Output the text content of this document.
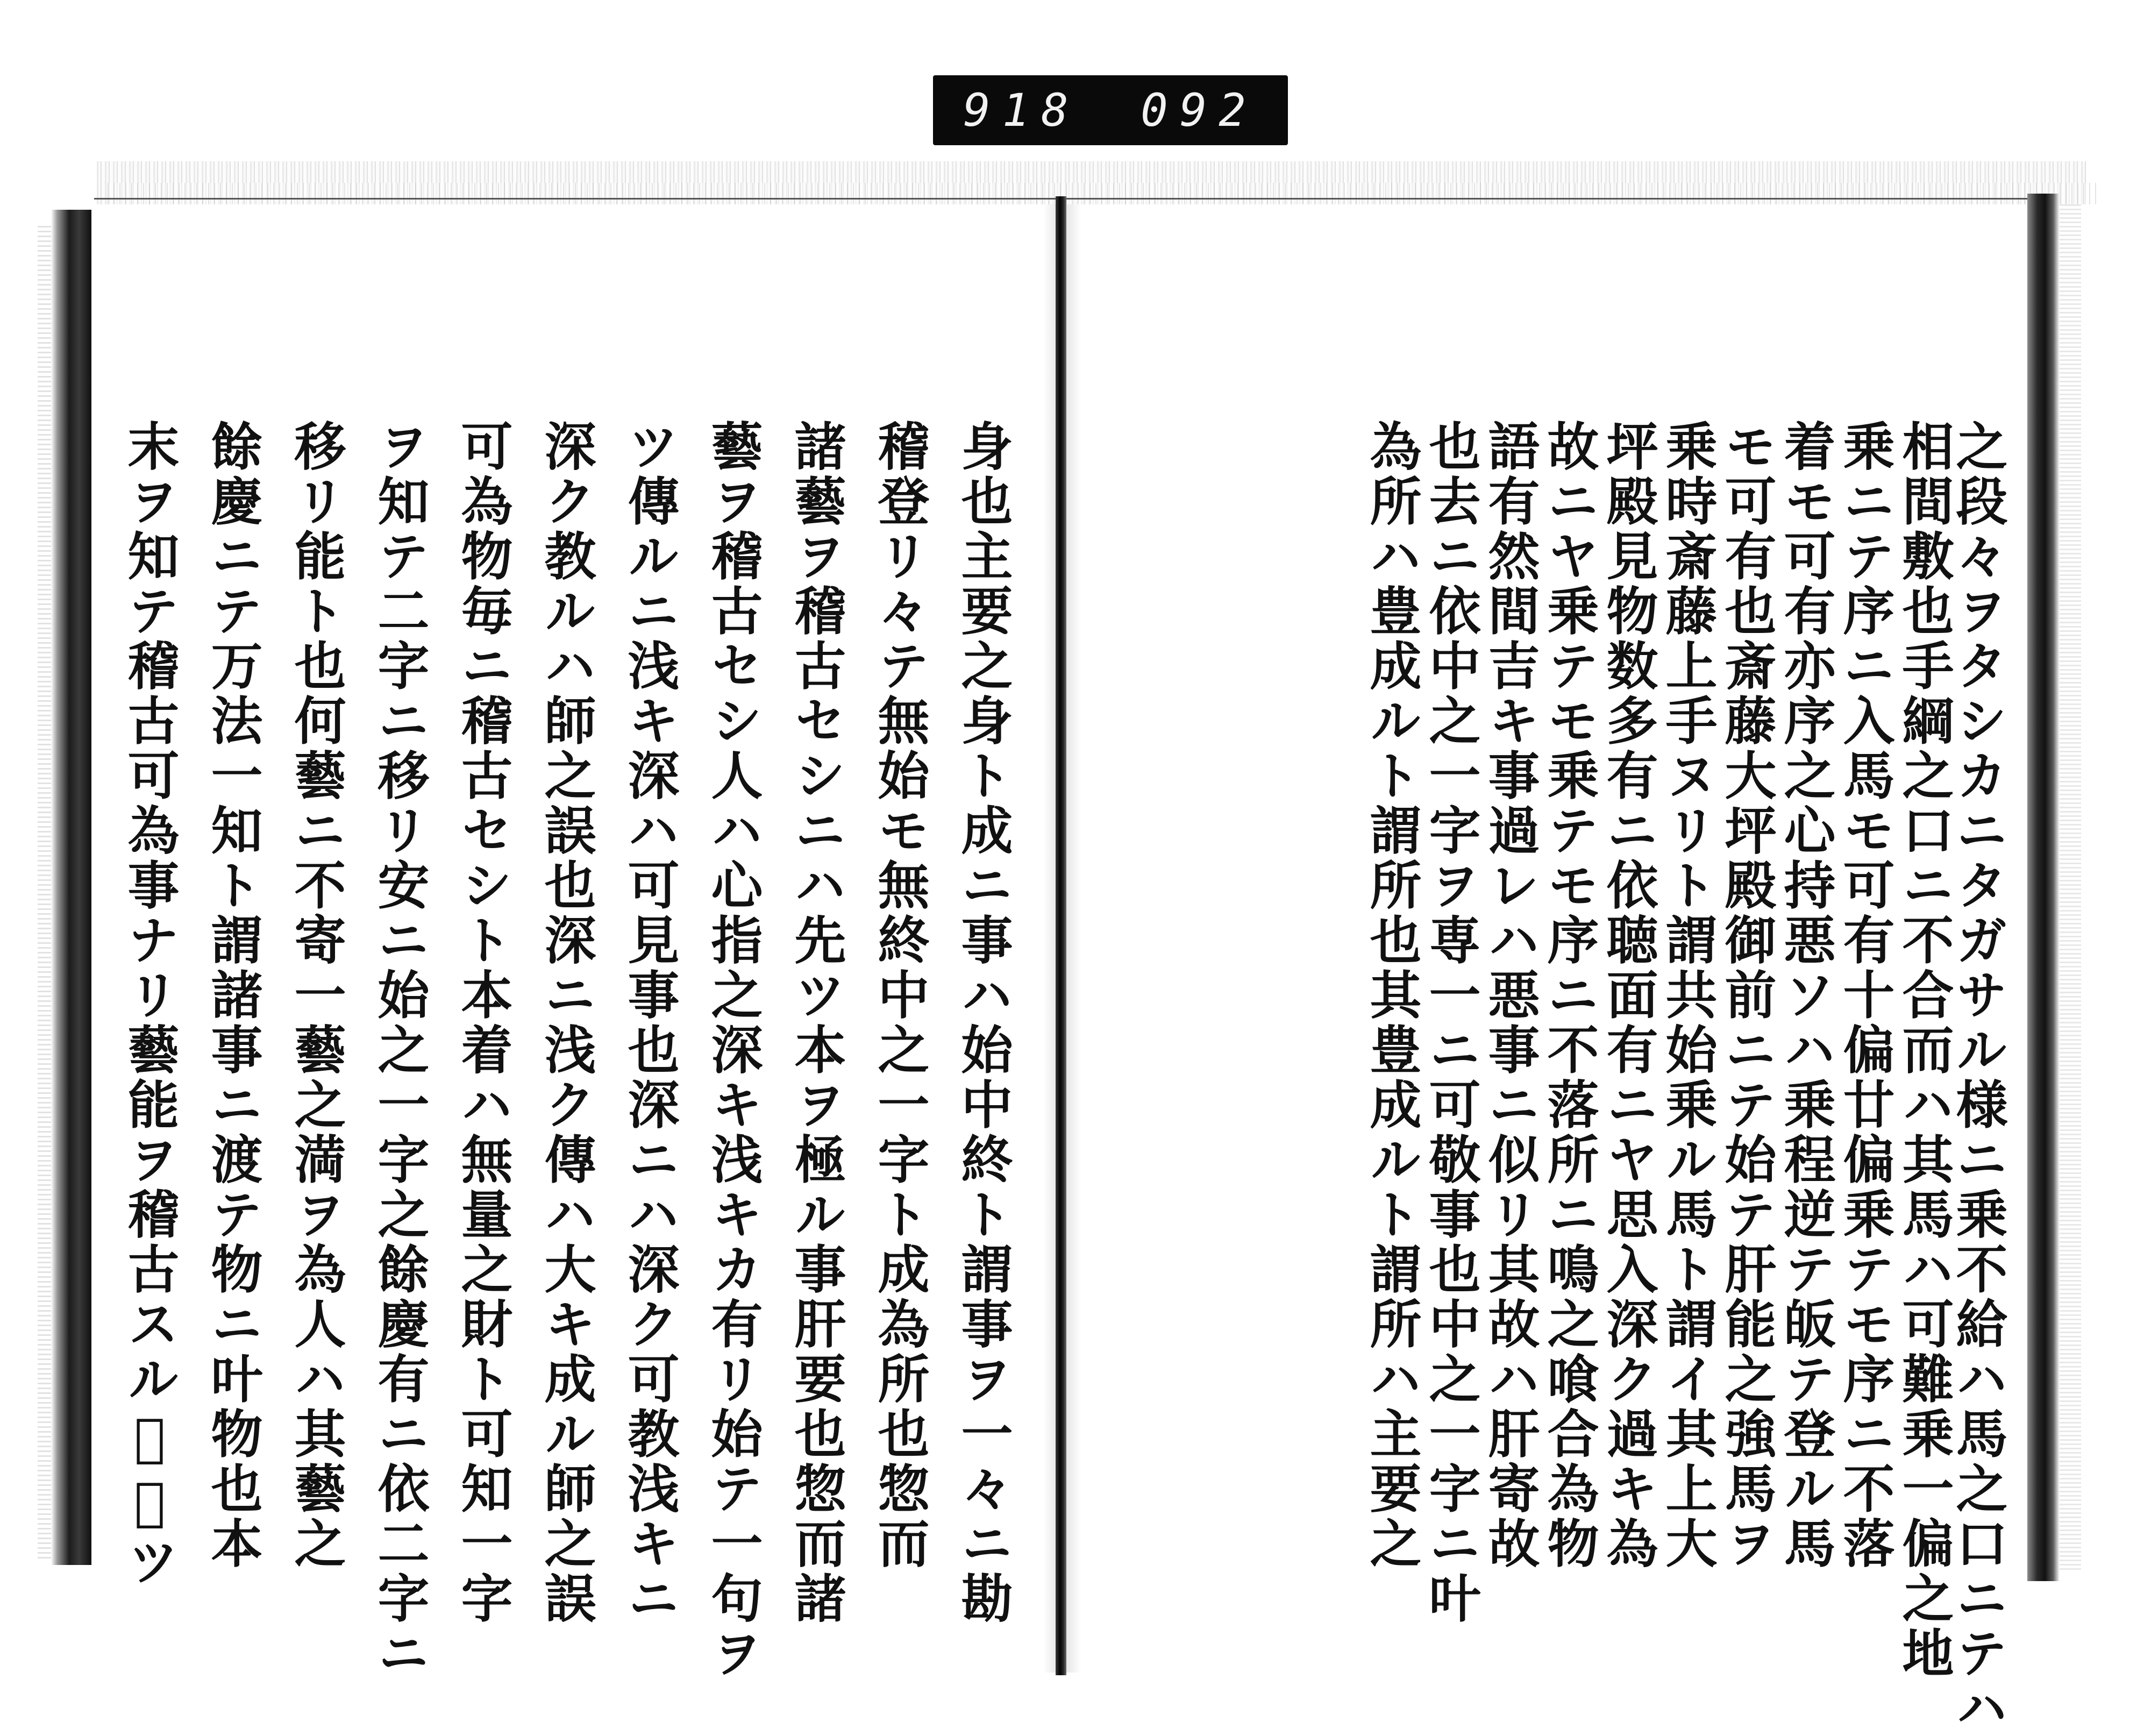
918 092
之段々ヲタシカニタガサル様ニ乗不給ハ馬之口ニテハ
相間敷也手綱之口ニ不合而ハ其馬ハ可難乗一偏之地
乗ニテ序ニ入馬モ可有十偏廿偏乗テモ序ニ不落
着モ可有亦序之心持悪ソハ乗程逆テ皈テ登ル馬
モ可有也斎藤大坪殿御前ニテ始テ肝能之強馬ヲ
乗時斎藤上手ヌリト謂共始乗ル馬ト謂イ其上大
坪殿見物数多有ニ依聴面有ニヤ思入深ク過キ為
故ニヤ乗テモ乗テモ序ニ不落所ニ鳴之喰合為物
語有然間吉キ事過レハ悪事ニ似リ其故ハ肝寄故
也去ニ依中之一字ヲ専一ニ可敬事也中之一字ニ叶
為所ハ豊成ルト謂所也其豊成ルト謂所ハ主要之
身也主要之身ト成ニ事ハ始中終ト謂事ヲ一々ニ勘
稽登リ々テ無始モ無終中之一字ト成為所也惣而
諸藝ヲ稽古セシニハ先ツ本ヲ極ル事肝要也惣而諸
藝ヲ稽古セシ人ハ心指之深キ浅キカ有リ始テ一句ヲ
ツ傳ルニ浅キ深ハ可見事也深ニハ深ク可教浅キニ
深ク教ルハ師之誤也深ニ浅ク傳ハ大キ成ル師之誤
可為物毎ニ稽古セシト本着ハ無量之財ト可知一字
ヲ知テ二字ニ移リ安ニ始之一字之餘慶有ニ依二字ニ
移リ能ト也何藝ニ不寄一藝之満ヲ為人ハ其藝之
餘慶ニテ万法一知ト謂諸事ニ渡テ物ニ叶物也本
末ヲ知テ稽古可為事ナリ藝能ヲ稽古スル𪜈先ツ
